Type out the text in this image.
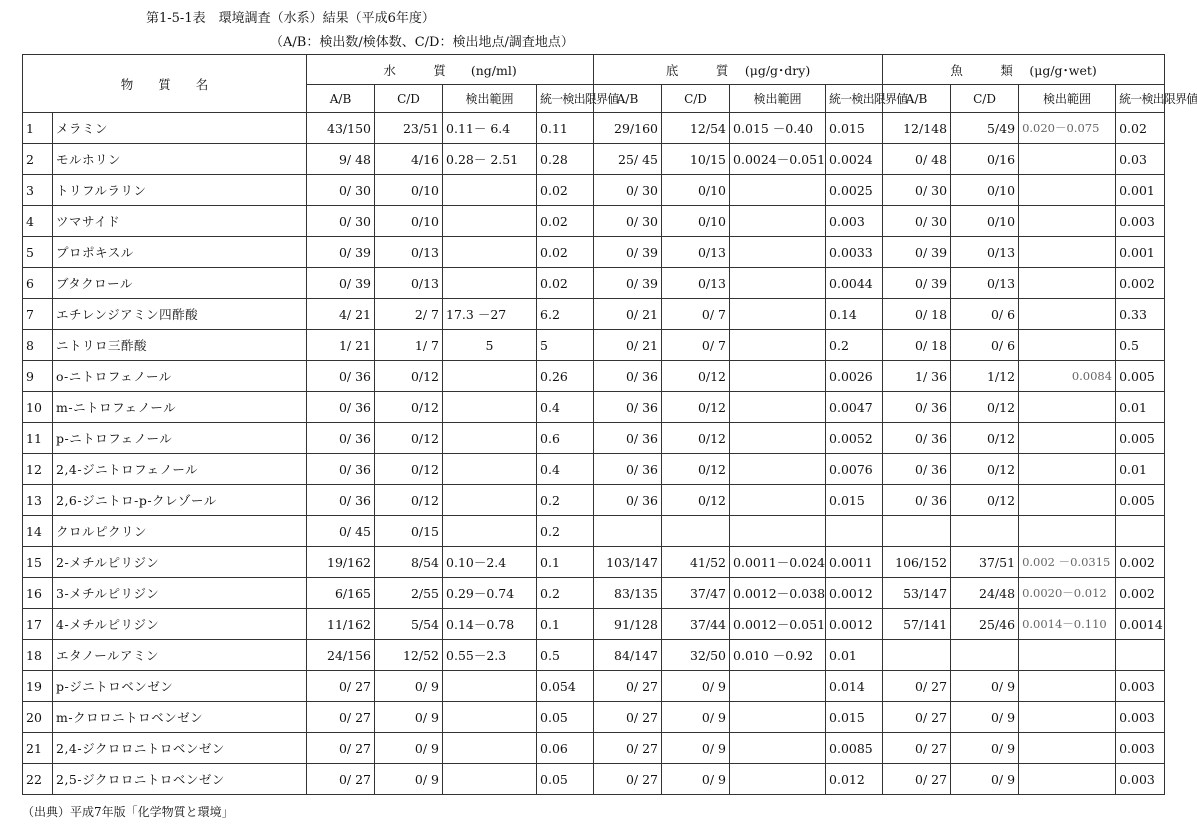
第1-5-1表　環境調査（水系）結果（平成6年度）
（A/B：検出数/検体数、C/D：検出地点/調査地点）
物　　質　　名		水　　　質　　(ng/ml)				底　　　質　 (μg/g･dry)				魚　　　類　 (μg/g･wet)			
		A/B	C/D	検出範囲	統一検出限界値	A/B	C/D	検出範囲	統一検出限界値	A/B	C/D	検出範囲	統一検出限界値
1	メラミン	43/150	23/51	0.11－ 6.4	0.11	29/160	12/54	0.015 －0.40	0.015	12/148	5/49	0.020－0.075	0.02
2	モルホリン	9/ 48	4/16	0.28－ 2.51	0.28	25/ 45	10/15	0.0024－0.051	0.0024	0/ 48	0/16		0.03
3	トリフルラリン	0/ 30	0/10		0.02	0/ 30	0/10		0.0025	0/ 30	0/10		0.001
4	ツマサイド	0/ 30	0/10		0.02	0/ 30	0/10		0.003	0/ 30	0/10		0.003
5	プロポキスル	0/ 39	0/13		0.02	0/ 39	0/13		0.0033	0/ 39	0/13		0.001
6	ブタクロール	0/ 39	0/13		0.02	0/ 39	0/13		0.0044	0/ 39	0/13		0.002
7	エチレンジアミン四酢酸	4/ 21	2/ 7	17.3 －27	6.2	0/ 21	0/ 7		0.14	0/ 18	0/ 6		0.33
8	ニトリロ三酢酸	1/ 21	1/ 7	5	5	0/ 21	0/ 7		0.2	0/ 18	0/ 6		0.5
9	o-ニトロフェノール	0/ 36	0/12		0.26	0/ 36	0/12		0.0026	1/ 36	1/12	0.0084	0.005
10	m-ニトロフェノール	0/ 36	0/12		0.4	0/ 36	0/12		0.0047	0/ 36	0/12		0.01
11	p-ニトロフェノール	0/ 36	0/12		0.6	0/ 36	0/12		0.0052	0/ 36	0/12		0.005
12	2,4-ジニトロフェノール	0/ 36	0/12		0.4	0/ 36	0/12		0.0076	0/ 36	0/12		0.01
13	2,6-ジニトロ-p-クレゾール	0/ 36	0/12		0.2	0/ 36	0/12		0.015	0/ 36	0/12		0.005
14	クロルピクリン	0/ 45	0/15		0.2								
15	2-メチルピリジン	19/162	8/54	0.10－2.4	0.1	103/147	41/52	0.0011－0.024	0.0011	106/152	37/51	0.002 －0.0315	0.002
16	3-メチルピリジン	6/165	2/55	0.29－0.74	0.2	83/135	37/47	0.0012－0.038	0.0012	53/147	24/48	0.0020－0.012	0.002
17	4-メチルピリジン	11/162	5/54	0.14－0.78	0.1	91/128	37/44	0.0012－0.051	0.0012	57/141	25/46	0.0014－0.110	0.0014
18	エタノールアミン	24/156	12/52	0.55－2.3	0.5	84/147	32/50	0.010 －0.92	0.01				
19	p-ジニトロベンゼン	0/ 27	0/ 9		0.054	0/ 27	0/ 9		0.014	0/ 27	0/ 9		0.003
20	m-クロロニトロベンゼン	0/ 27	0/ 9		0.05	0/ 27	0/ 9		0.015	0/ 27	0/ 9		0.003
21	2,4-ジクロロニトロベンゼン	0/ 27	0/ 9		0.06	0/ 27	0/ 9		0.0085	0/ 27	0/ 9		0.003
22	2,5-ジクロロニトロベンゼン	0/ 27	0/ 9		0.05	0/ 27	0/ 9		0.012	0/ 27	0/ 9		0.003
（出典）平成7年版「化学物質と環境」
